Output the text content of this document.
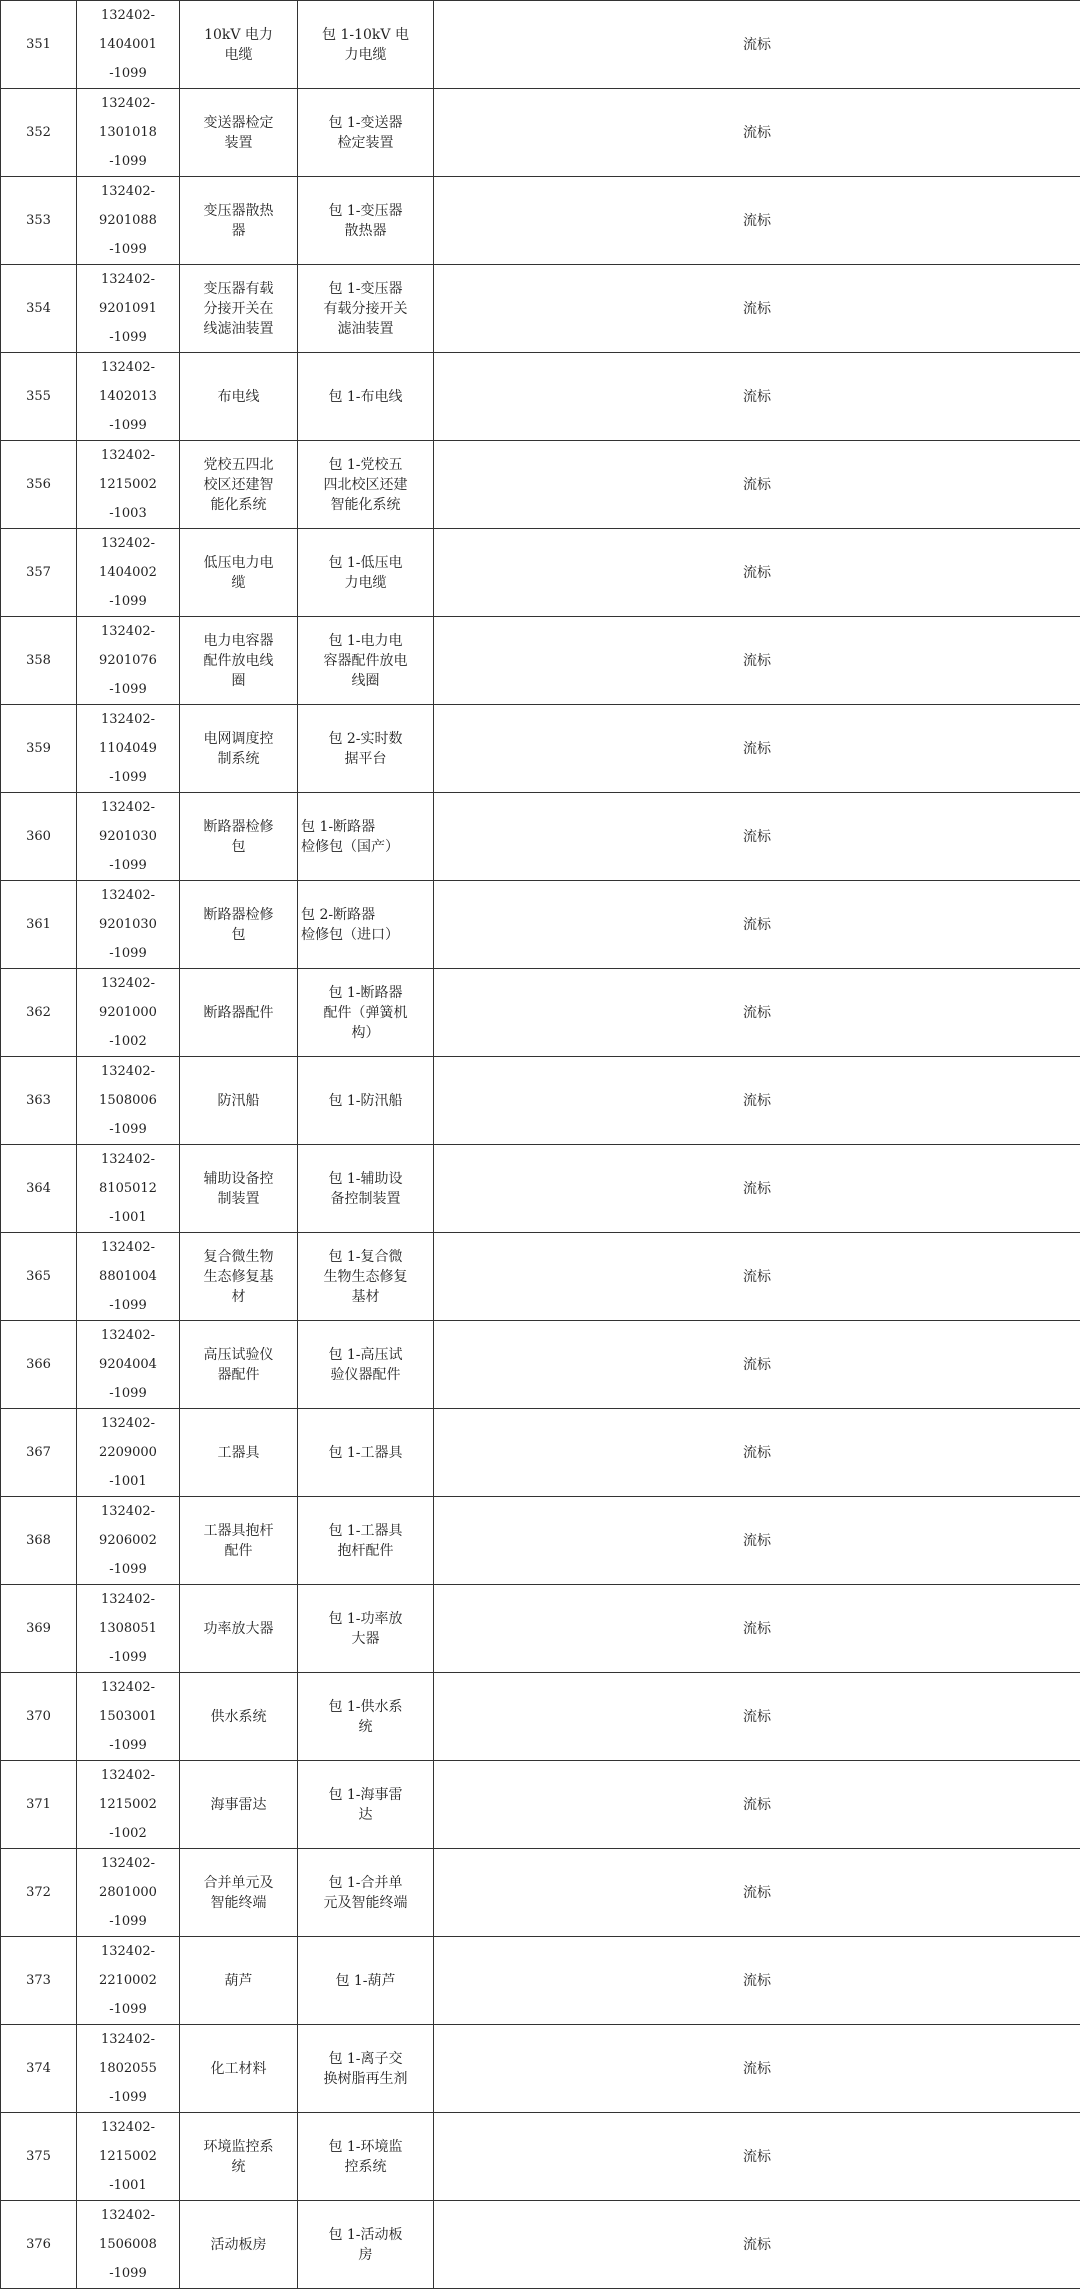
351	132402-
1404001
-1099	10kV 电力
电缆	包 1-10kV 电
力电缆	流标
352	132402-
1301018
-1099	变送器检定
装置	包 1-变送器
检定装置	流标
353	132402-
9201088
-1099	变压器散热
器	包 1-变压器
散热器	流标
354	132402-
9201091
-1099	变压器有载
分接开关在
线滤油装置	包 1-变压器
有载分接开关
滤油装置	流标
355	132402-
1402013
-1099	布电线	包 1-布电线	流标
356	132402-
1215002
-1003	党校五四北
校区还建智
能化系统	包 1-党校五
四北校区还建
智能化系统	流标
357	132402-
1404002
-1099	低压电力电
缆	包 1-低压电
力电缆	流标
358	132402-
9201076
-1099	电力电容器
配件放电线
圈	包 1-电力电
容器配件放电
线圈	流标
359	132402-
1104049
-1099	电网调度控
制系统	包 2-实时数
据平台	流标
360	132402-
9201030
-1099	断路器检修
包	包 1-断路器
检修包（国产）	流标
361	132402-
9201030
-1099	断路器检修
包	包 2-断路器
检修包（进口）	流标
362	132402-
9201000
-1002	断路器配件	包 1-断路器
配件（弹簧机
构）	流标
363	132402-
1508006
-1099	防汛船	包 1-防汛船	流标
364	132402-
8105012
-1001	辅助设备控
制装置	包 1-辅助设
备控制装置	流标
365	132402-
8801004
-1099	复合微生物
生态修复基
材	包 1-复合微
生物生态修复
基材	流标
366	132402-
9204004
-1099	高压试验仪
器配件	包 1-高压试
验仪器配件	流标
367	132402-
2209000
-1001	工器具	包 1-工器具	流标
368	132402-
9206002
-1099	工器具抱杆
配件	包 1-工器具
抱杆配件	流标
369	132402-
1308051
-1099	功率放大器	包 1-功率放
大器	流标
370	132402-
1503001
-1099	供水系统	包 1-供水系
统	流标
371	132402-
1215002
-1002	海事雷达	包 1-海事雷
达	流标
372	132402-
2801000
-1099	合并单元及
智能终端	包 1-合并单
元及智能终端	流标
373	132402-
2210002
-1099	葫芦	包 1-葫芦	流标
374	132402-
1802055
-1099	化工材料	包 1-离子交
换树脂再生剂	流标
375	132402-
1215002
-1001	环境监控系
统	包 1-环境监
控系统	流标
376	132402-
1506008
-1099	活动板房	包 1-活动板
房	流标
